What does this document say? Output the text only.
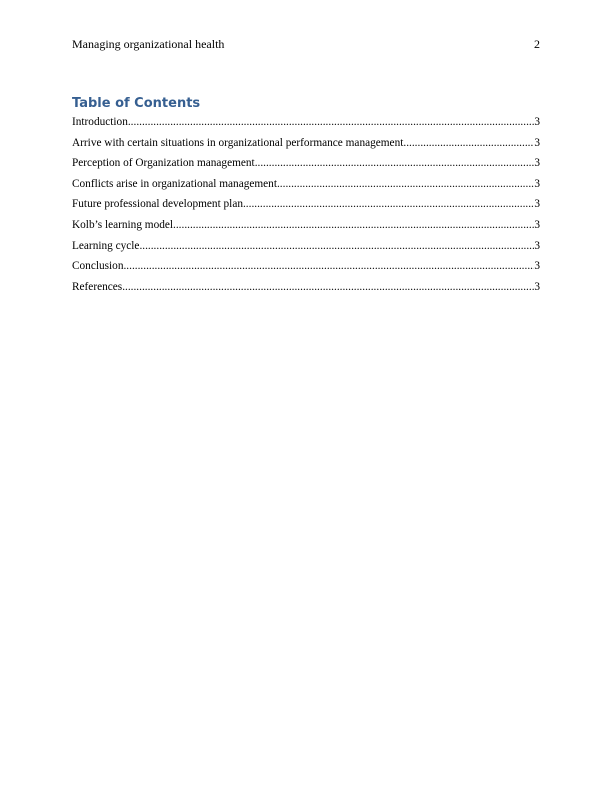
Managing organizational health	2
Table of Contents
Introduction .....	3
Arrive with certain situations in organizational performance management .....	3
Perception of Organization management .....	3
Conflicts arise in organizational management .....	3
Future professional development plan .....	3
Kolb’s learning model .....	3
Learning cycle .....	3
Conclusion .....	3
References .....	3
